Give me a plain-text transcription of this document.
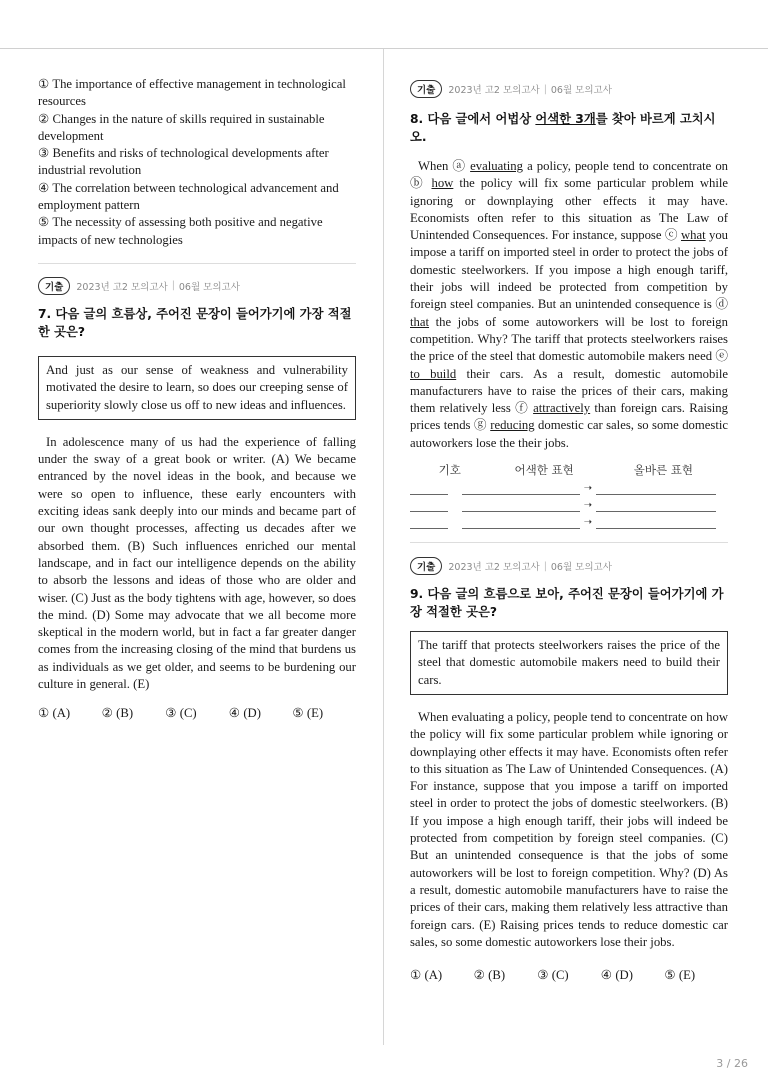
① The importance of effective management in technological resources
② Changes in the nature of skills required in sustainable development
③ Benefits and risks of technological developments after industrial revolution
④ The correlation between technological advancement and employment pattern
⑤ The necessity of assessing both positive and negative impacts of new technologies
기출	2023년 고2 모의고사 | 06월 모의고사
7. 다음 글의 흐름상, 주어진 문장이 들어가기에 가장 적절한 곳은?
And just as our sense of weakness and vulnerability motivated the desire to learn, so does our creeping sense of superiority slowly close us off to new ideas and influences.

In adolescence many of us had the experience of falling under the sway of a great book or writer. (A) We became entranced by the novel ideas in the book, and because we were so open to influence, these early encounters with exciting ideas sank deeply into our minds and became part of our own thought processes, affecting us decades after we absorbed them. (B) Such influences enriched our mental landscape, and in fact our intelligence depends on the ability to absorb the lessons and ideas of those who are older and wiser. (C) Just as the body tightens with age, however, so does the mind. (D) Some may advocate that we all become more skeptical in the modern world, but in fact a far greater danger comes from the increasing closing of the mind that burdens us as individuals as we get older, and seems to be burdening our culture in general. (E)

① (A)	② (B)	③ (C)	④ (D)	⑤ (E)
기출	2023년 고2 모의고사 | 06월 모의고사
8. 다음 글에서 어법상 어색한 3개를 찾아 바르게 고치시오.

When ⓐ evaluating a policy, people tend to concentrate on ⓑ how the policy will fix some particular problem while ignoring or downplaying other effects it may have. Economists often refer to this situation as The Law of Unintended Consequences. For instance, suppose ⓒ what you impose a tariff on imported steel in order to protect the jobs of domestic steelworkers. If you impose a high enough tariff, their jobs will indeed be protected from competition by foreign steel companies. But an unintended consequence is ⓓ that the jobs of some autoworkers will be lost to foreign competition. Why? The tariff that protects steelworkers raises the price of the steel that domestic automobile makers need ⓔ to build their cars. As a result, domestic automobile manufacturers have to raise the prices of their cars, making them relatively less ⓕ attractively than foreign cars. Raising prices tends ⓖ reducing domestic car sales, so some domestic autoworkers lose the their jobs.

기호	어색한 표현	올바른 표현
➝
➝
➝
기출	2023년 고2 모의고사 | 06월 모의고사
9. 다음 글의 흐름으로 보아, 주어진 문장이 들어가기에 가장 적절한 곳은?
The tariff that protects steelworkers raises the price of the steel that domestic automobile makers need to build their cars.

When evaluating a policy, people tend to concentrate on how the policy will fix some particular problem while ignoring or downplaying other effects it may have. Economists often refer to this situation as The Law of Unintended Consequences. (A) For instance, suppose that you impose a tariff on imported steel in order to protect the jobs of domestic steelworkers. (B) If you impose a high enough tariff, their jobs will indeed be protected from competition by foreign steel companies. (C) But an unintended consequence is that the jobs of some autoworkers will be lost to foreign competition. Why? (D) As a result, domestic automobile manufacturers have to raise the prices of their cars, making them relatively less attractive than foreign cars. (E) Raising prices tends to reduce domestic car sales, so some domestic autoworkers lose their jobs.

① (A)	② (B)	③ (C)	④ (D)	⑤ (E)
3 / 26
